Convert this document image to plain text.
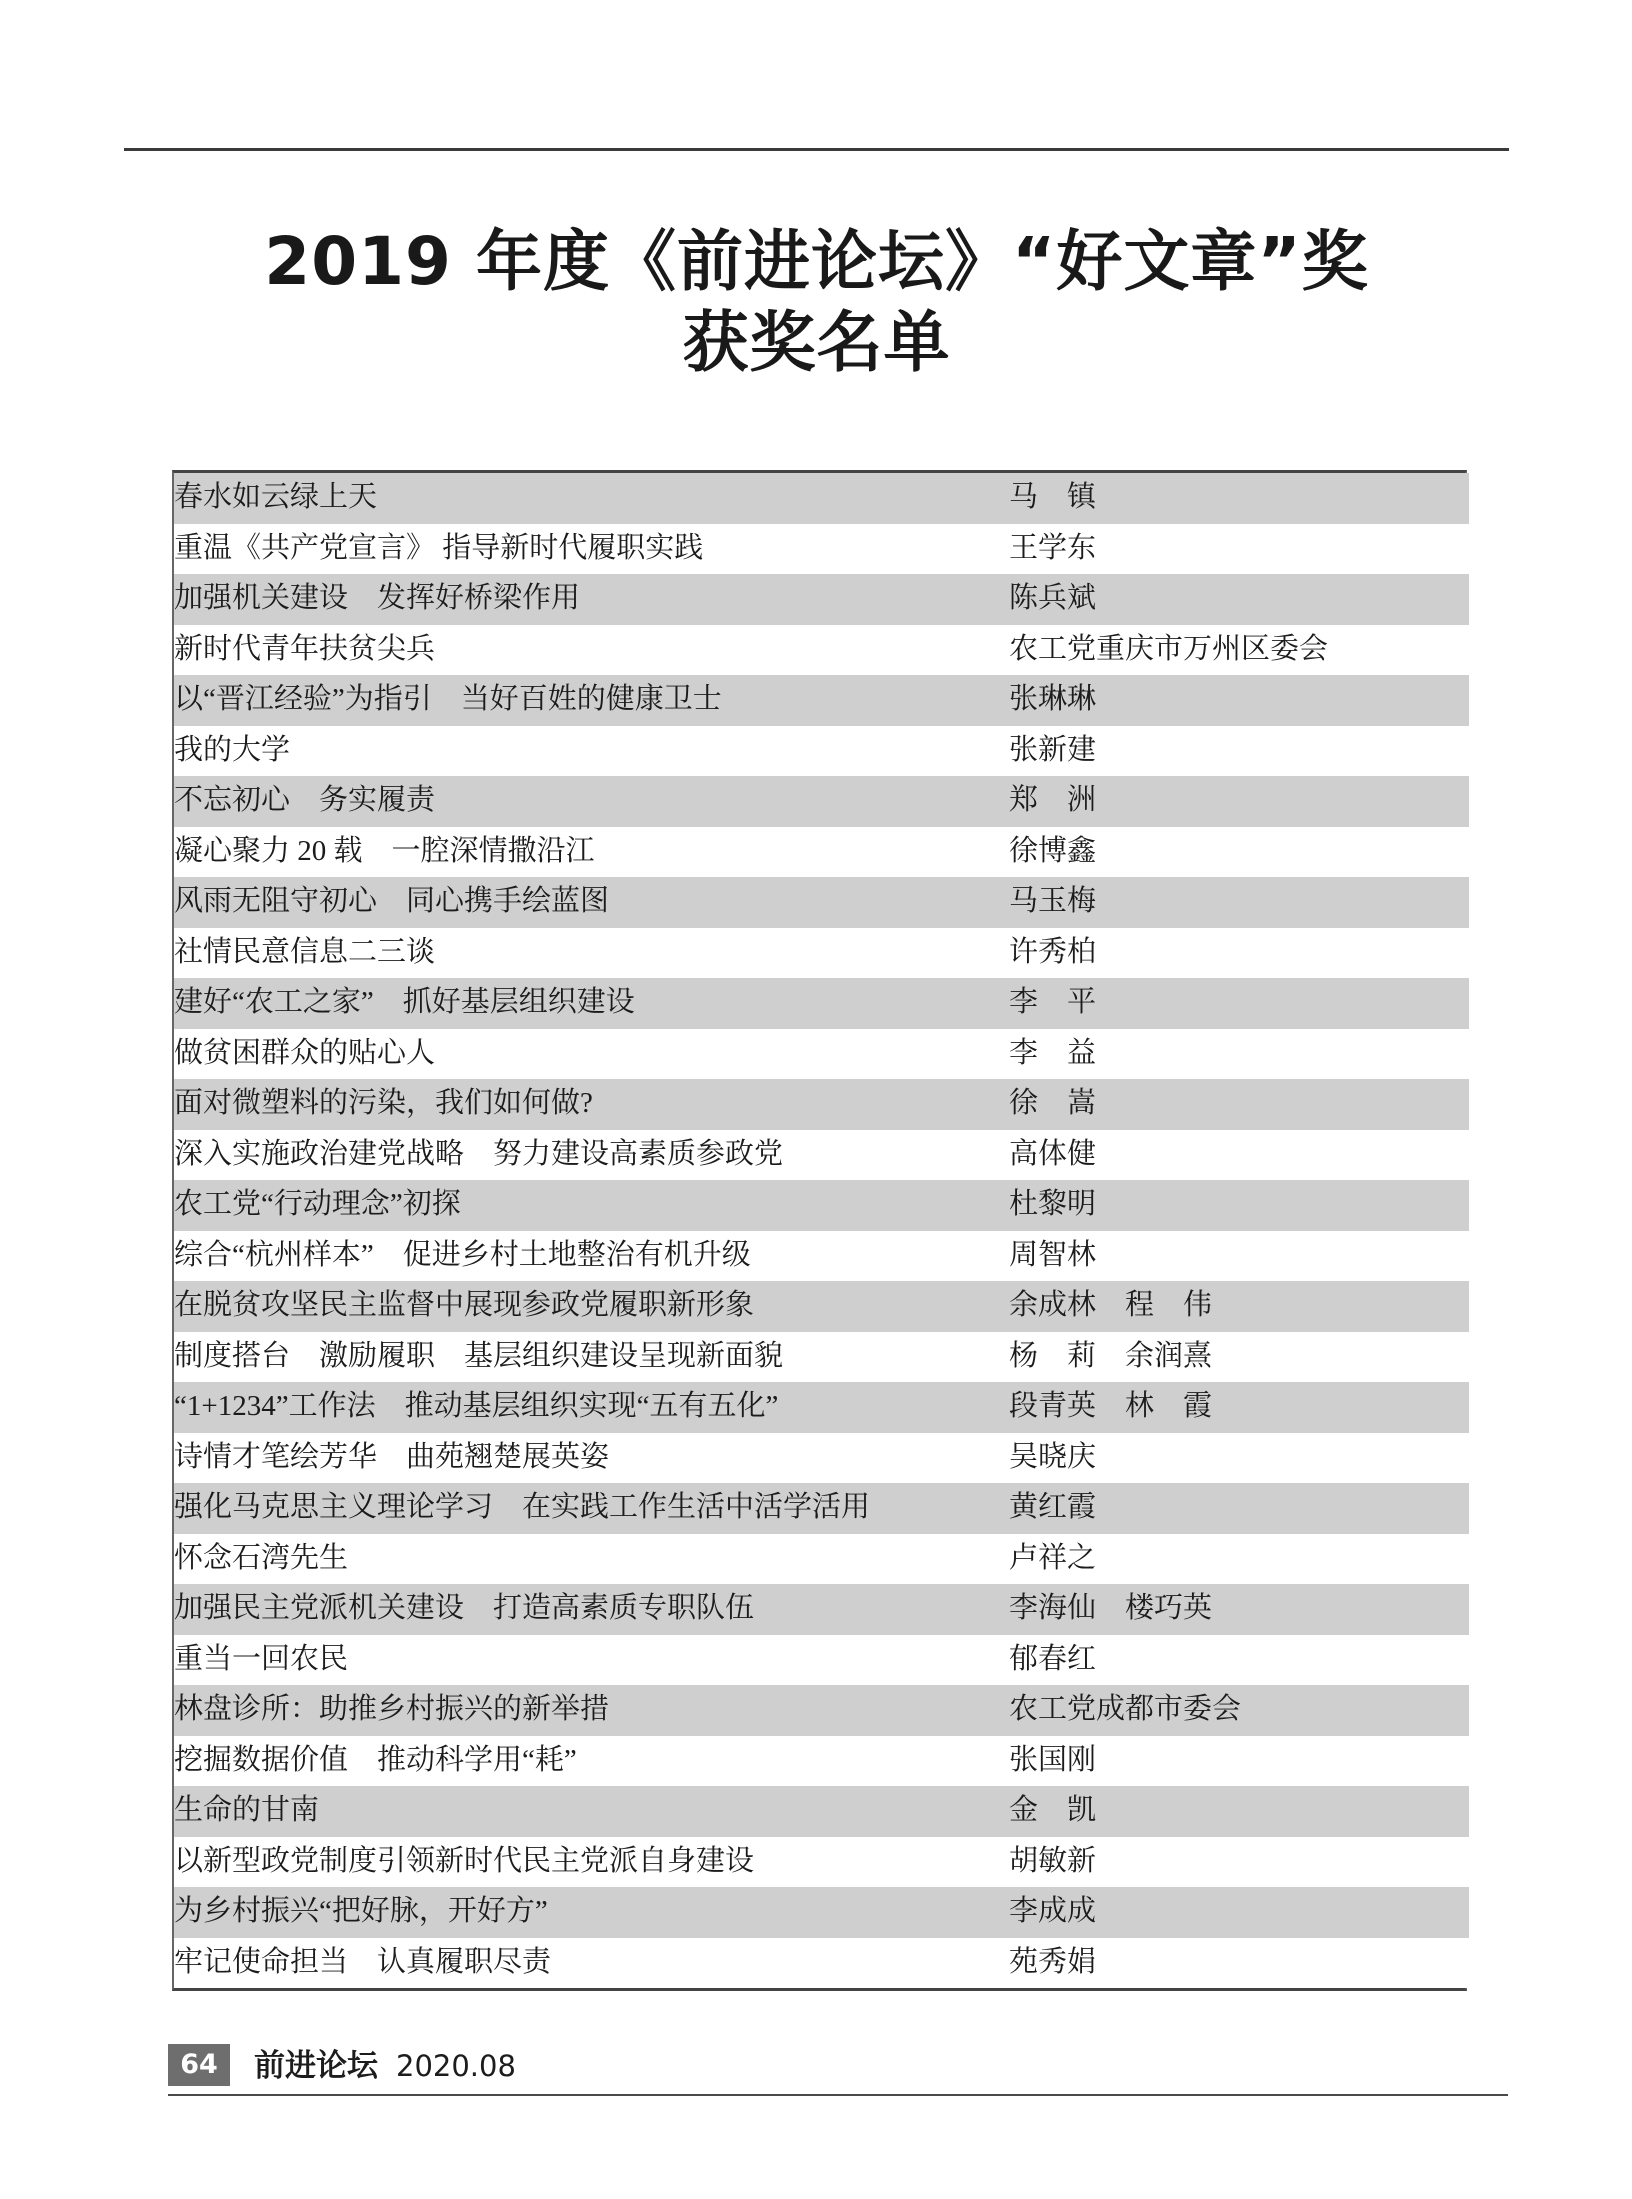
2019 年度《前进论坛》“好文章”奖
获奖名单
春水如云绿上天	马　镇
重温《共产党宣言》 指导新时代履职实践	王学东
加强机关建设　发挥好桥梁作用	陈兵斌
新时代青年扶贫尖兵	农工党重庆市万州区委会
以“晋江经验”为指引　当好百姓的健康卫士	张琳琳
我的大学	张新建
不忘初心　务实履责	郑　洲
凝心聚力 20 载　一腔深情撒沿江	徐博鑫
风雨无阻守初心　同心携手绘蓝图	马玉梅
社情民意信息二三谈	许秀柏
建好“农工之家”　抓好基层组织建设	李　平
做贫困群众的贴心人	李　益
面对微塑料的污染，我们如何做?	徐　嵩
深入实施政治建党战略　努力建设高素质参政党	高体健
农工党“行动理念”初探	杜黎明
综合“杭州样本”　促进乡村土地整治有机升级	周智林
在脱贫攻坚民主监督中展现参政党履职新形象	余成林　程　伟
制度搭台　激励履职　基层组织建设呈现新面貌	杨　莉　余润熹
“1+1234”工作法　推动基层组织实现“五有五化”	段青英　林　霞
诗情才笔绘芳华　曲苑翘楚展英姿	吴晓庆
强化马克思主义理论学习　在实践工作生活中活学活用	黄红霞
怀念石湾先生	卢祥之
加强民主党派机关建设　打造高素质专职队伍	李海仙　楼巧英
重当一回农民	郁春红
林盘诊所：助推乡村振兴的新举措	农工党成都市委会
挖掘数据价值　推动科学用“耗”	张国刚
生命的甘南	金　凯
以新型政党制度引领新时代民主党派自身建设	胡敏新
为乡村振兴“把好脉，开好方”	李成成
牢记使命担当　认真履职尽责	苑秀娟
64	前进论坛 2020.08
